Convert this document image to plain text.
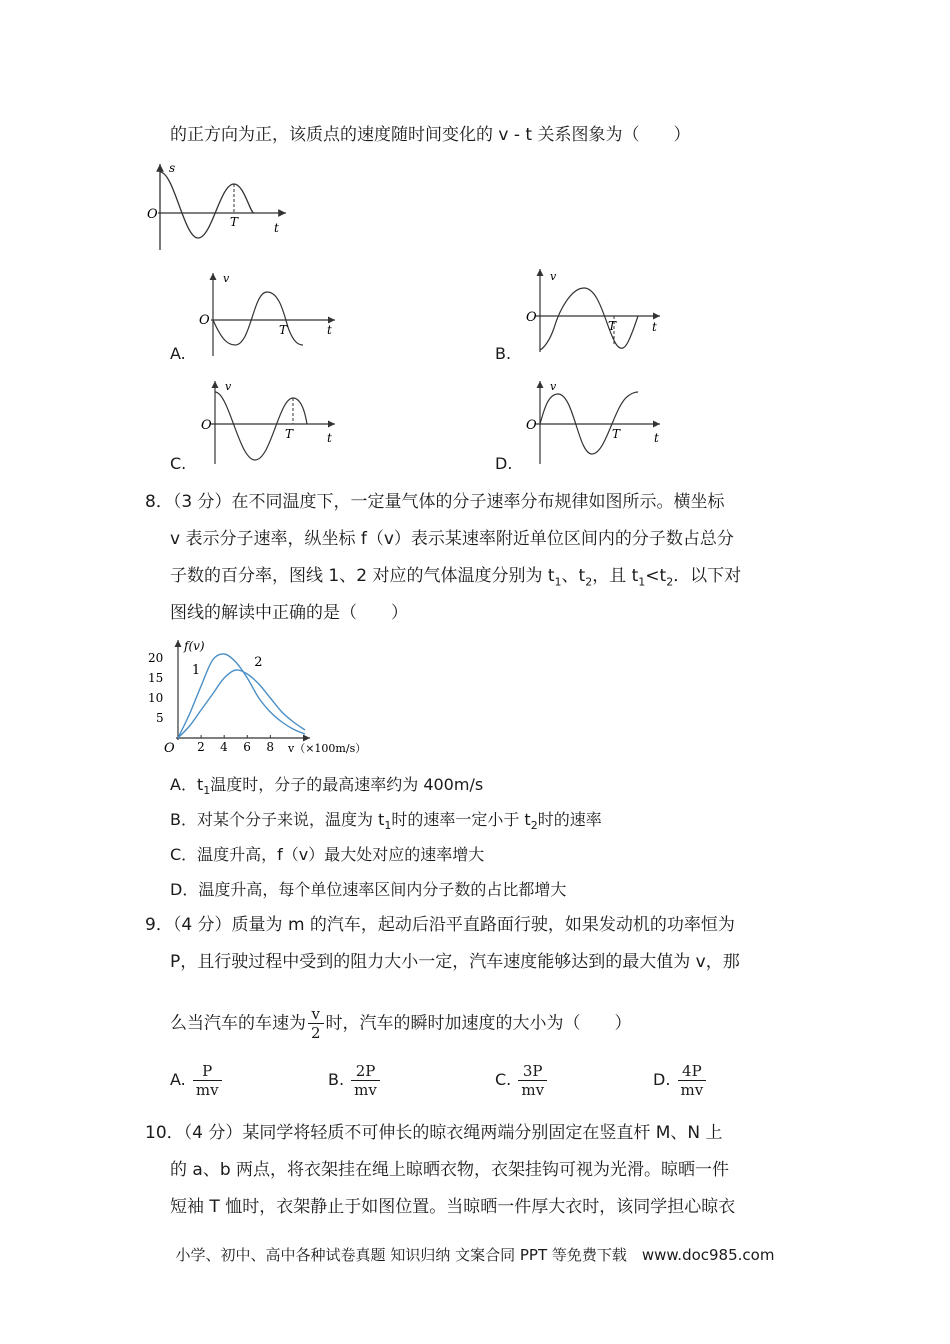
的正方向为正，该质点的速度随时间变化的 v - t 关系图象为（　　）
s
O	T	t
A.
v
O
T	t
B.
v
O
T	t
C.
v
O
T	t
D.
v
O
T	t
8．（3 分）在不同温度下，一定量气体的分子速率分布规律如图所示。横坐标
v 表示分子速率，纵坐标 f（v）表示某速率附近单位区间内的分子数占总分
子数的百分率，图线 1、2 对应的气体温度分别为 $t_1$、$t_2$，且 $t_1<t_2$．以下对
图线的解读中正确的是（　　）
f(v)
O	v（×100m/s）
2 4 6 8
5
10
15
20
1
2
A．$t_1$温度时，分子的最高速率约为 400m/s
B．对某个分子来说，温度为 $t_1$时的速率一定小于 $t_2$时的速率
C．温度升高，f（v）最大处对应的速率增大
D．温度升高，每个单位速率区间内分子数的占比都增大
9．（4 分）质量为 m 的汽车，起动后沿平直路面行驶，如果发动机的功率恒为
P，且行驶过程中受到的阻力大小一定，汽车速度能够达到的最大值为 v，那
么当汽车的车速为 $\frac{v}{2}$ 时，汽车的瞬时加速度的大小为（　　）
A. $\frac{P}{mv}$	B. $\frac{2P}{mv}$	C. $\frac{3P}{mv}$	D. $\frac{4P}{mv}$
10．（4 分）某同学将轻质不可伸长的晾衣绳两端分别固定在竖直杆 M、N 上
的 a、b 两点，将衣架挂在绳上晾晒衣物，衣架挂钩可视为光滑。晾晒一件
短袖 T 恤时，衣架静止于如图位置。当晾晒一件厚大衣时，该同学担心晾衣
小学、初中、高中各种试卷真题 知识归纳 文案合同 PPT 等免费下载　www.doc985.com
